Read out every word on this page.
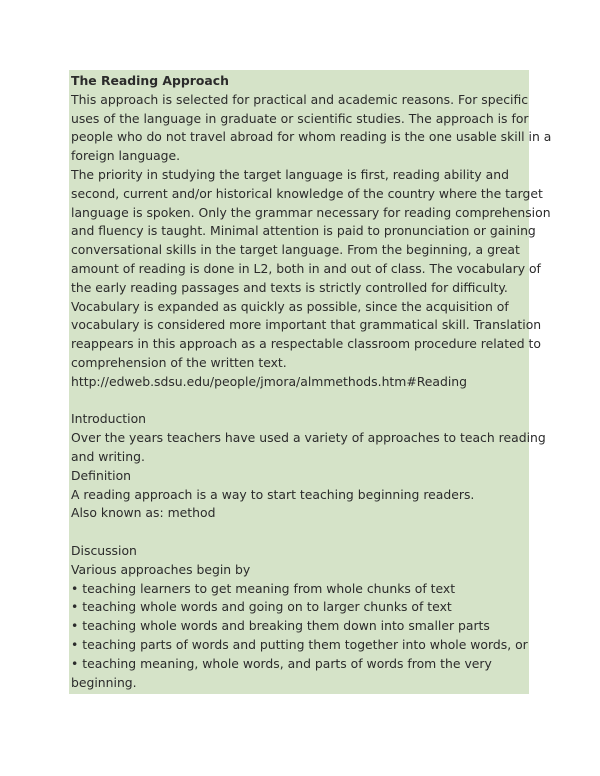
The Reading Approach
This approach is selected for practical and academic reasons. For specific
uses of the language in graduate or scientific studies. The approach is for
people who do not travel abroad for whom reading is the one usable skill in a
foreign language.
The priority in studying the target language is first, reading ability and
second, current and/or historical knowledge of the country where the target
language is spoken. Only the grammar necessary for reading comprehension
and fluency is taught. Minimal attention is paid to pronunciation or gaining
conversational skills in the target language. From the beginning, a great
amount of reading is done in L2, both in and out of class. The vocabulary of
the early reading passages and texts is strictly controlled for difficulty.
Vocabulary is expanded as quickly as possible, since the acquisition of
vocabulary is considered more important that grammatical skill. Translation
reappears in this approach as a respectable classroom procedure related to
comprehension of the written text.
http://edweb.sdsu.edu/people/jmora/almmethods.htm#Reading
Introduction
Over the years teachers have used a variety of approaches to teach reading
and writing.
Definition
A reading approach is a way to start teaching beginning readers.
Also known as: method
Discussion
Various approaches begin by
• teaching learners to get meaning from whole chunks of text
• teaching whole words and going on to larger chunks of text
• teaching whole words and breaking them down into smaller parts
• teaching parts of words and putting them together into whole words, or
• teaching meaning, whole words, and parts of words from the very
beginning.
